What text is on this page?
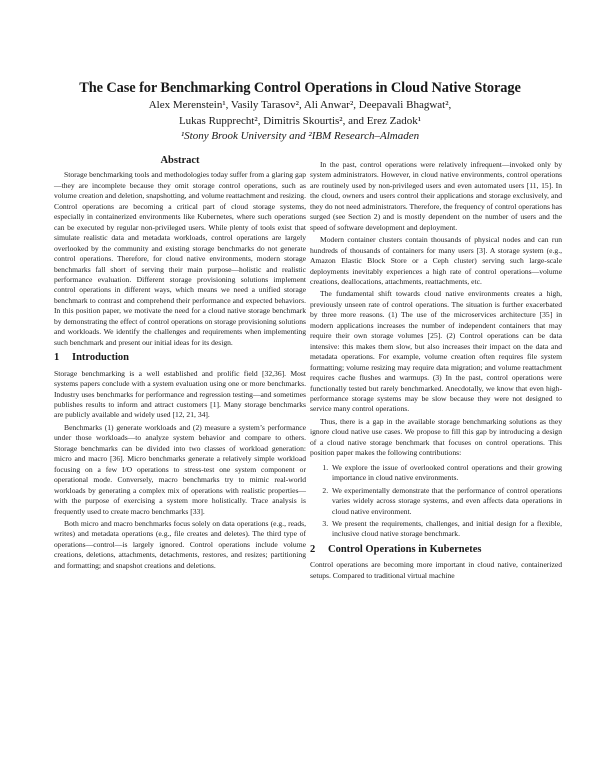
The Case for Benchmarking Control Operations in Cloud Native Storage
Alex Merenstein¹, Vasily Tarasov², Ali Anwar², Deepavali Bhagwat²,
Lukas Rupprecht², Dimitris Skourtis², and Erez Zadok¹
¹Stony Brook University and ²IBM Research–Almaden
Abstract

Storage benchmarking tools and methodologies today suffer from a glaring gap—they are incomplete because they omit storage control operations, such as volume creation and deletion, snapshotting, and volume reattachment and resizing. Control operations are becoming a critical part of cloud storage systems, especially in containerized environments like Kubernetes, where such operations can be executed by regular non-privileged users. While plenty of tools exist that simulate realistic data and metadata workloads, control operations are largely overlooked by the community and existing storage benchmarks do not generate control operations. Therefore, for cloud native environments, modern storage benchmarks fall short of serving their main purpose—holistic and realistic performance evaluation. Different storage provisioning solutions implement control operations in different ways, which means we need a unified storage benchmark to contrast and comprehend their performance and expected behaviors. In this position paper, we motivate the need for a cloud native storage benchmark by demonstrating the effect of control operations on storage provisioning solutions and workloads. We identify the challenges and requirements when implementing such benchmark and present our initial ideas for its design.

1 Introduction

Storage benchmarking is a well established and prolific field [32,36]. Most systems papers conclude with a system evaluation using one or more benchmarks. Industry uses benchmarks for performance and regression testing—and sometimes publishes results to inform and attract customers [1]. Many storage benchmarks are publicly available and widely used [12, 21, 34].

Benchmarks (1) generate workloads and (2) measure a system’s performance under those workloads—to analyze system behavior and compare to others. Storage benchmarks can be divided into two classes of workload generation: micro and macro [36]. Micro benchmarks generate a relatively simple workload focusing on a few I/O operations to stress-test one system component or operational mode. Conversely, macro benchmarks try to mimic real-world workloads by generating a complex mix of operations with realistic properties—with the purpose of exercising a system more holistically. Trace analysis is frequently used to create macro benchmarks [33].

Both micro and macro benchmarks focus solely on data operations (e.g., reads, writes) and metadata operations (e.g., file creates and deletes). The third type of operations—control—is largely ignored. Control operations include volume creations, deletions, attachments, detachments, restores, and resizes; partitioning and formatting; and snapshot creations and deletions.

In the past, control operations were relatively infrequent—invoked only by system administrators. However, in cloud native environments, control operations are routinely used by non-privileged users and even automated users [11, 15]. In the cloud, owners and users control their applications and storage exclusively, and they do not need administrators. Therefore, the frequency of control operations has surged (see Section 2) and is mostly dependent on the number of users and the speed of software development and deployment.

Modern container clusters contain thousands of physical nodes and can run hundreds of thousands of containers for many users [3]. A storage system (e.g., Amazon Elastic Block Store or a Ceph cluster) serving such large-scale deployments inevitably experiences a high rate of control operations—volume creations, deallocations, attachments, reattachments, etc.

The fundamental shift towards cloud native environments creates a high, previously unseen rate of control operations. The situation is further exacerbated by three more reasons. (1) The use of the microservices architecture [35] in modern applications increases the number of independent containers that may require their own storage volumes [25]. (2) Control operations can be data intensive: this makes them slow, but also increases their impact on the data and metadata operations. For example, volume creation often requires file system formatting; volume resizing may require data migration; and volume reattachment requires cache flushes and warmups. (3) In the past, control operations were functionally tested but rarely benchmarked. Anecdotally, we know that even high-performance storage systems may be slow because they were not designed to service many control operations.

Thus, there is a gap in the available storage benchmarking solutions as they ignore cloud native use cases. We propose to fill this gap by introducing a design of a cloud native storage benchmark that focuses on control operations. This position paper makes the following contributions:

1. We explore the issue of overlooked control operations and their growing importance in cloud native environments.
2. We experimentally demonstrate that the performance of control operations varies widely across storage systems, and even affects data operations in cloud native environment.
3. We present the requirements, challenges, and initial design for a flexible, inclusive cloud native storage benchmark.
2 Control Operations in Kubernetes

Control operations are becoming more important in cloud native, containerized setups. Compared to traditional virtual machine
